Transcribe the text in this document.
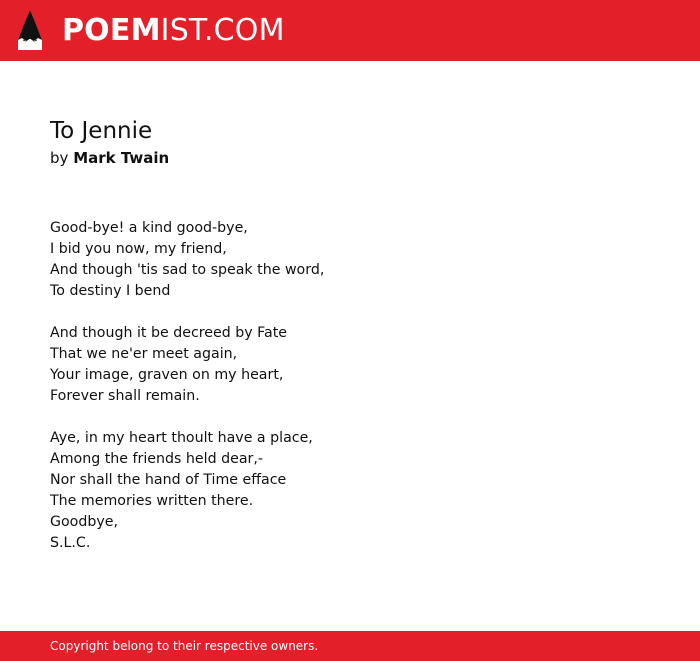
POEM IST.COM
To Jennie
by Mark Twain
Good-bye! a kind good-bye,
I bid you now, my friend,
And though 'tis sad to speak the word,
To destiny I bend
And though it be decreed by Fate
That we ne'er meet again,
Your image, graven on my heart,
Forever shall remain.
Aye, in my heart thoult have a place,
Among the friends held dear,-
Nor shall the hand of Time efface
The memories written there.
Goodbye,
S.L.C.
Copyright belong to their respective owners.
